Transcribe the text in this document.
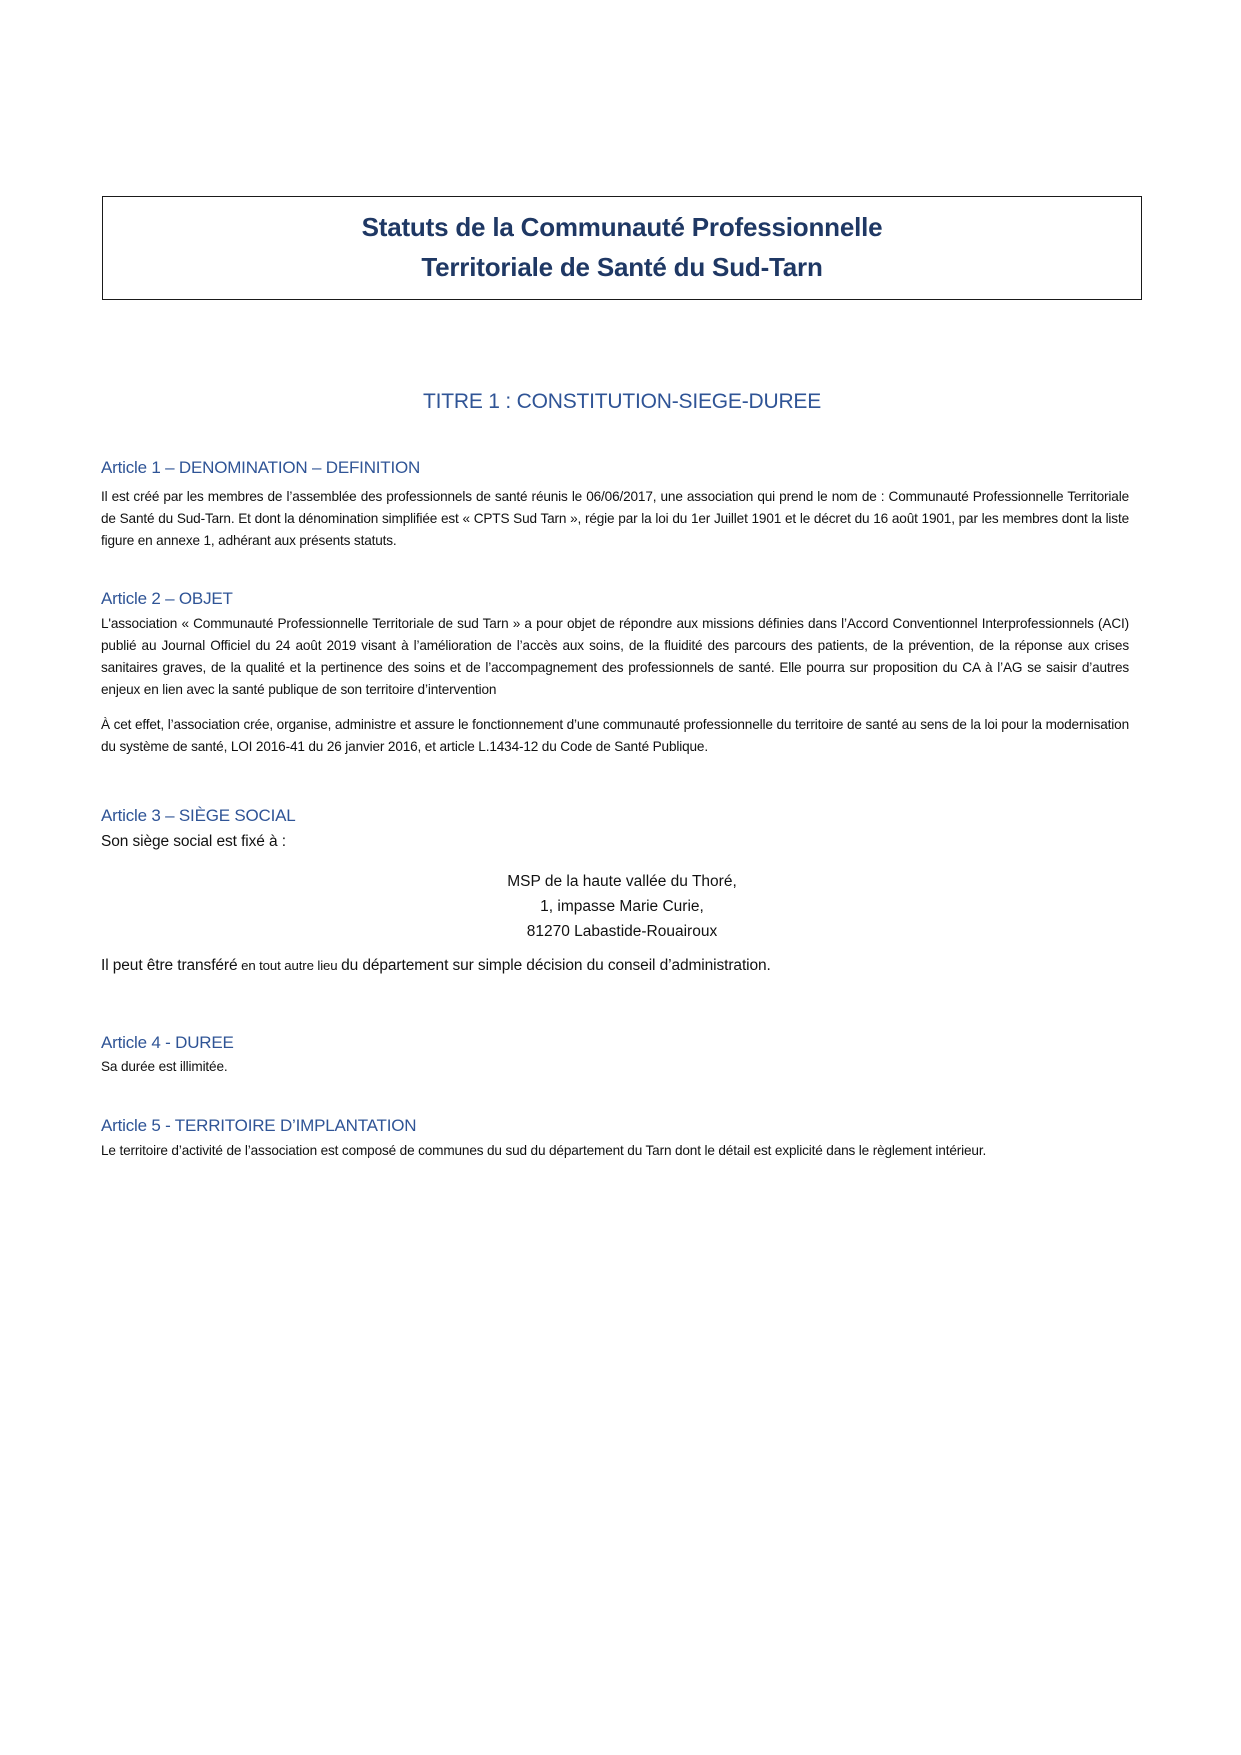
Statuts de la Communauté Professionnelle
Territoriale de Santé du Sud-Tarn
TITRE 1 : CONSTITUTION-SIEGE-DUREE
Article 1 – DENOMINATION – DEFINITION
Il est créé par les membres de l’assemblée des professionnels de santé réunis le 06/06/2017, une association qui prend le nom de : Communauté Professionnelle Territoriale de Santé du Sud-Tarn. Et dont la dénomination simplifiée est « CPTS Sud Tarn », régie par la loi du 1er Juillet 1901 et le décret du 16 août 1901, par les membres dont la liste figure en annexe 1, adhérant aux présents statuts.
Article 2 – OBJET
L'association « Communauté Professionnelle Territoriale de sud Tarn » a pour objet de répondre aux missions définies dans l’Accord Conventionnel Interprofessionnels (ACI) publié au Journal Officiel du 24 août 2019 visant à l’amélioration de l’accès aux soins, de la fluidité des parcours des patients, de la prévention, de la réponse aux crises sanitaires graves, de la qualité et la pertinence des soins et de l’accompagnement des professionnels de santé. Elle pourra sur proposition du CA à l’AG se saisir d’autres enjeux en lien avec la santé publique de son territoire d’intervention
À cet effet, l’association crée, organise, administre et assure le fonctionnement d’une communauté professionnelle du territoire de santé au sens de la loi pour la modernisation du système de santé, LOI 2016-41 du 26 janvier 2016, et article L.1434-12 du Code de Santé Publique.
Article 3 – SIÈGE SOCIAL
Son siège social est fixé à :
MSP de la haute vallée du Thoré,
1, impasse Marie Curie,
81270 Labastide-Rouairoux
Il peut être transféré en tout autre lieu du département sur simple décision du conseil d’administration.
Article 4 - DUREE
Sa durée est illimitée.
Article 5 - TERRITOIRE D’IMPLANTATION
Le territoire d’activité de l’association est composé de communes du sud du département du Tarn dont le détail est explicité dans le règlement intérieur.
